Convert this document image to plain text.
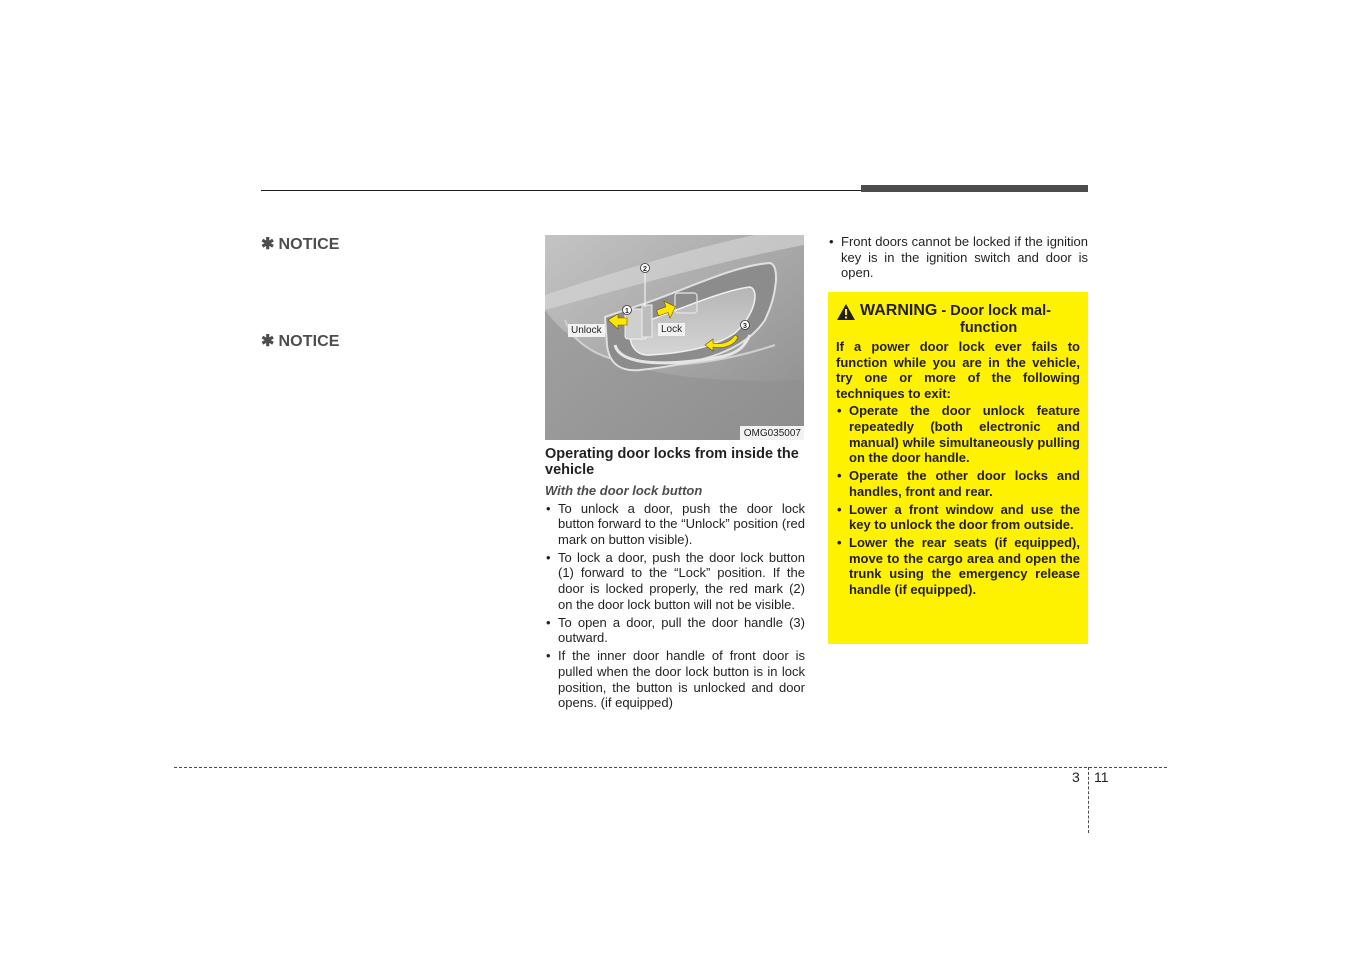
✱ NOTICE
✱ NOTICE
2
1
3
Unlock	Lock
OMG035007
Operating door locks from inside the vehicle
With the door lock button
• To unlock a door, push the door lock button forward to the “Unlock” position (red mark on button visible).
• To lock a door, push the door lock button (1) forward to the “Lock” position. If the door is locked properly, the red mark (2) on the door lock button will not be visible.
• To open a door, pull the door handle (3) outward.
• If the inner door handle of front door is pulled when the door lock button is in lock position, the button is unlocked and door opens. (if equipped)
• Front doors cannot be locked if the ignition key is in the ignition switch and door is open.
WARNING - Door lock mal-
function
If a power door lock ever fails to function while you are in the vehicle, try one or more of the following techniques to exit:
• Operate the door unlock feature repeatedly (both electronic and manual) while simultaneously pulling on the door handle.
• Operate the other door locks and handles, front and rear.
• Lower a front window and use the key to unlock the door from outside.
• Lower the rear seats (if equipped), move to the cargo area and open the trunk using the emergency release handle (if equipped).
3 11
